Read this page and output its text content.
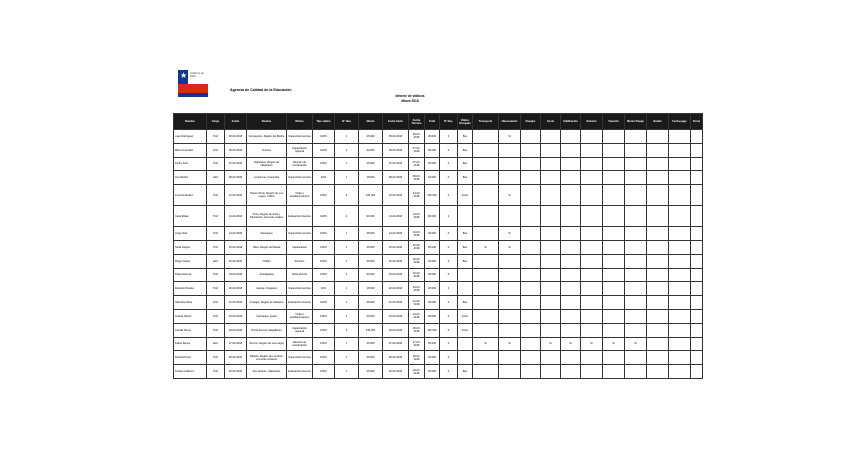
★ Gobierno de Chile
Agencia de Calidad de la Educación
Informe de viáticos
Marzo 2018
Nombre	Cargo	Fecha	Destino	Motivo	Tipo viático	N° días	Monto	Fecha Inicio	Fecha Término	Total	N° Res.	Viático Otorgado	Transporte	Observación	Pasajes	Costo	Calificación	Emisión	Visación	Monto Pasaje	Boleta	Fecha pago	Firma
Juan Rodríguez	Prof	05-03-2018	Concepción, Región del Biobío	Supervisión técnica	100%	1	45.000	05-03-2018	05-03-2018	45.000	0	Bus		Sí									
María González	Prof	06-03-2018	Temuco	Capacitación regional	100%	2	90.000	06-03-2018	07-03-2018	90.000	0	Bus											
Pedro Soto	Prof	07-03-2018	Valparaíso, Región de Valparaíso	Reunión de coordinación	100%	1	45.000	07-03-2018	07-03-2018	45.000	0	Bus											
Ana Muñoz	Adm	08-03-2018	La Serena, Coquimbo	Supervisión técnica	40%	1	18.000	08-03-2018	08-03-2018	18.000	0	Bus											
Luis Fernández	Prof	12-03-2018	Puerto Montt, Región de Los Lagos, Chiloé	Visita a establecimientos	100%	3	135.000	12-03-2018	14-03-2018	135.000	0	Avión		Sí									
Carla Rojas	Prof	13-03-2018	Arica, Región de Arica y Parinacota, comunas rurales	Evaluación docente	100%	2	90.000	13-03-2018	14-03-2018	90.000	0												
Jorge Díaz	Prof	14-03-2018	Rancagua	Supervisión técnica	100%	1	45.000	14-03-2018	14-03-2018	45.000	0	Bus		Sí									
Sofía Vargas	Prof	15-03-2018	Talca, Región del Maule	Capacitación	100%	1	45.000	15-03-2018	15-03-2018	45.000	0	Bus	Sí	Sí									
Diego Castro	Adm	16-03-2018	Chillán	Reunión	100%	1	45.000	16-03-2018	16-03-2018	45.000	0	Bus											
Paula Herrera	Prof	19-03-2018	Antofagasta	Visita técnica	100%	2	90.000	19-03-2018	20-03-2018	90.000	0												
Ricardo Morales	Prof	20-03-2018	Iquique, Tarapacá	Supervisión técnica	40%	1	18.000	20-03-2018	20-03-2018	18.000	0												
Valentina Silva	Prof	21-03-2018	Copiapó, Región de Atacama	Evaluación docente	100%	1	45.000	21-03-2018	21-03-2018	45.000	0	Bus											
Andrés Núñez	Prof	22-03-2018	Coyhaique, Aysén	Visita a establecimientos	100%	2	90.000	22-03-2018	23-03-2018	90.000	0	Avión											
Camila Torres	Prof	26-03-2018	Punta Arenas, Magallanes	Capacitación regional	100%	3	135.000	26-03-2018	28-03-2018	135.000	0	Avión											
Felipe Reyes	Adm	27-03-2018	Osorno, Región de Los Lagos	Reunión de coordinación	100%	1	45.000	27-03-2018	27-03-2018	45.000	0		Sí	Sí		Sí	Sí	Sí	Sí	Sí			
Daniela Pérez	Prof	28-03-2018	Valdivia, Región de Los Ríos, comunas costeras	Supervisión técnica	100%	1	45.000	28-03-2018	28-03-2018	45.000	0												
Tomás Gutiérrez	Prof	29-03-2018	San Antonio, Valparaíso	Evaluación docente	100%	1	45.000	29-03-2018	29-03-2018	45.000	0	Bus											
